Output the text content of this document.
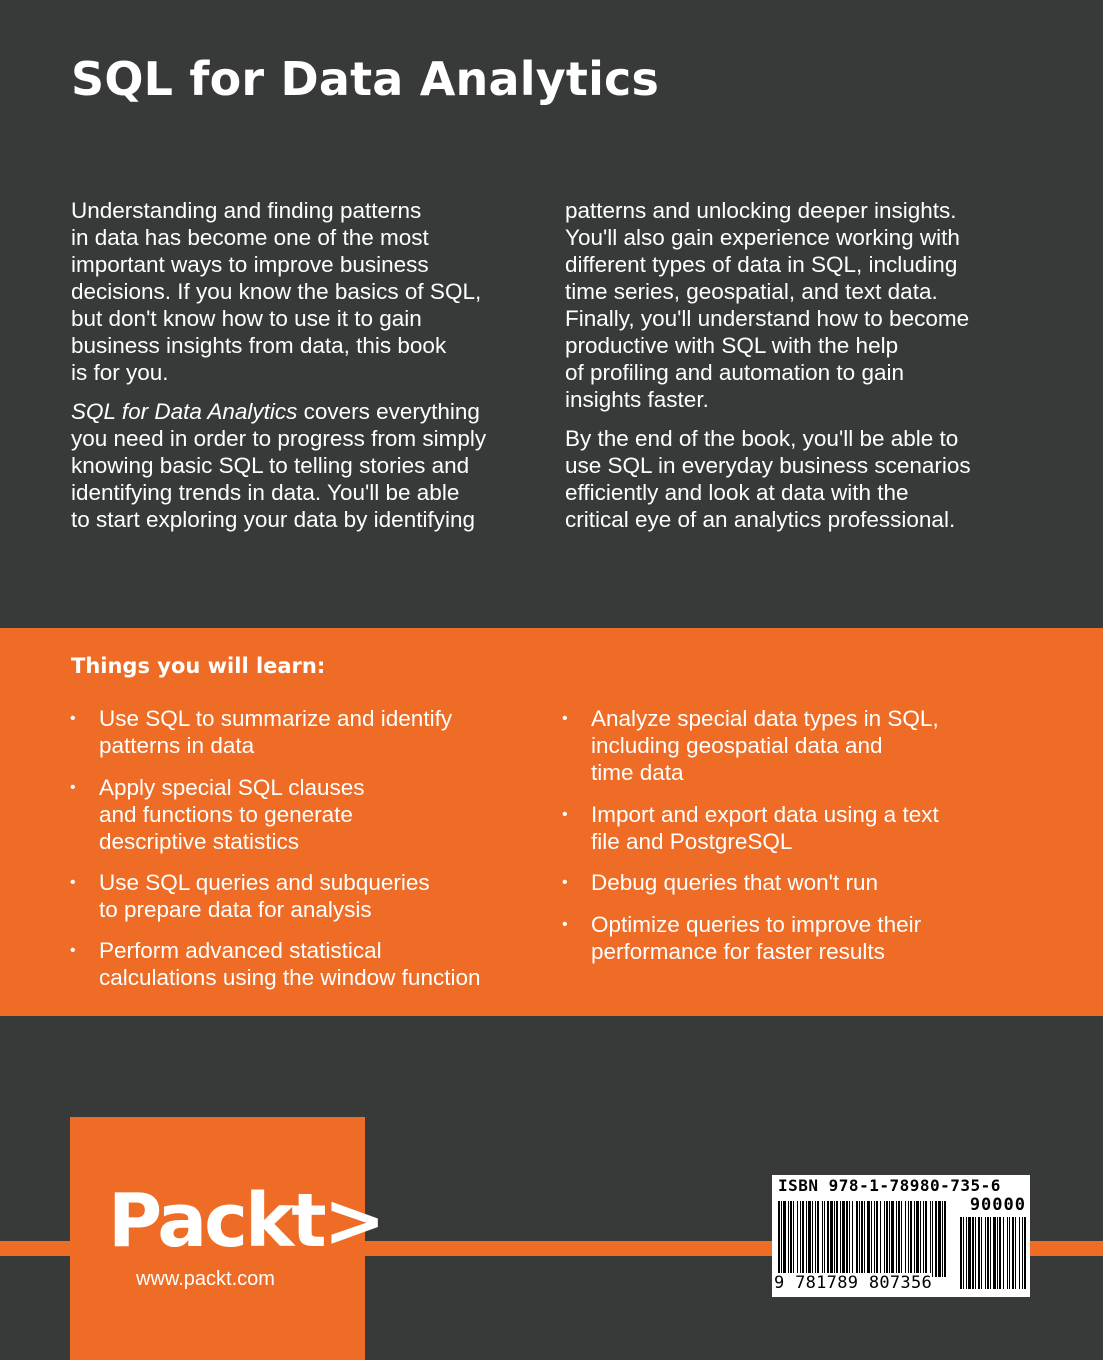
SQL for Data Analytics
Understanding and finding patterns
in data has become one of the most
important ways to improve business
decisions. If you know the basics of SQL,
but don't know how to use it to gain
business insights from data, this book
is for you.
SQL for Data Analytics covers everything
you need in order to progress from simply
knowing basic SQL to telling stories and
identifying trends in data. You'll be able
to start exploring your data by identifying
patterns and unlocking deeper insights.
You'll also gain experience working with
different types of data in SQL, including
time series, geospatial, and text data.
Finally, you'll understand how to become
productive with SQL with the help
of profiling and automation to gain
insights faster.
By the end of the book, you'll be able to
use SQL in everyday business scenarios
efficiently and look at data with the
critical eye of an analytics professional.
Things you will learn:
• Use SQL to summarize and identify
patterns in data
• Apply special SQL clauses
and functions to generate
descriptive statistics
• Use SQL queries and subqueries
to prepare data for analysis
• Perform advanced statistical
calculations using the window function
• Analyze special data types in SQL,
including geospatial data and
time data
• Import and export data using a text
file and PostgreSQL
• Debug queries that won't run
• Optimize queries to improve their
performance for faster results
Packt>
www.packt.com
ISBN 978-1-78980-735-6
90000
9 781789 807356
